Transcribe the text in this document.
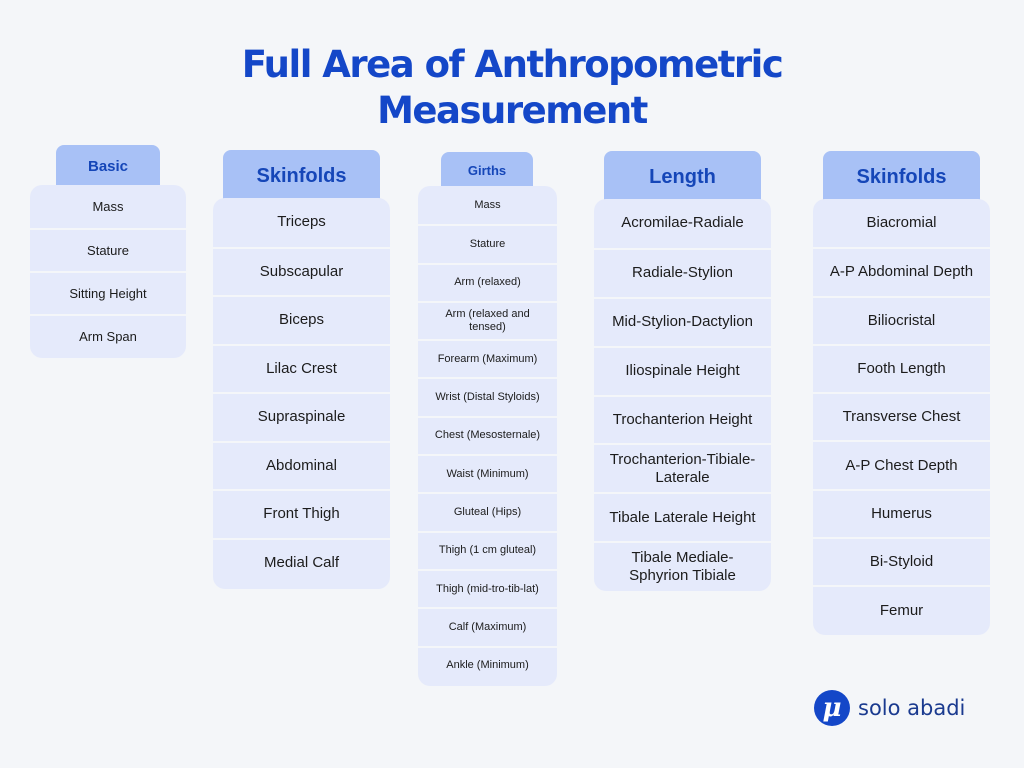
Full Area of Anthropometric
Measurement
Basic
Mass
Stature
Sitting Height
Arm Span
Skinfolds
Triceps
Subscapular
Biceps
Lilac Crest
Supraspinale
Abdominal
Front Thigh
Medial Calf
Girths
Mass
Stature
Arm (relaxed)
Arm (relaxed and tensed)
Forearm (Maximum)
Wrist (Distal Styloids)
Chest (Mesosternale)
Waist (Minimum)
Gluteal (Hips)
Thigh (1 cm gluteal)
Thigh (mid-tro-tib-lat)
Calf (Maximum)
Ankle (Minimum)
Length
Acromilae-Radiale
Radiale-Stylion
Mid-Stylion-Dactylion
Iliospinale Height
Trochanterion Height
Trochanterion-Tibiale-Laterale
Tibale Laterale Height
Tibale Mediale-Sphyrion Tibiale
Skinfolds
Biacromial
A-P Abdominal Depth
Biliocristal
Footh Length
Transverse Chest
A-P Chest Depth
Humerus
Bi-Styloid
Femur
μ solo abadi
